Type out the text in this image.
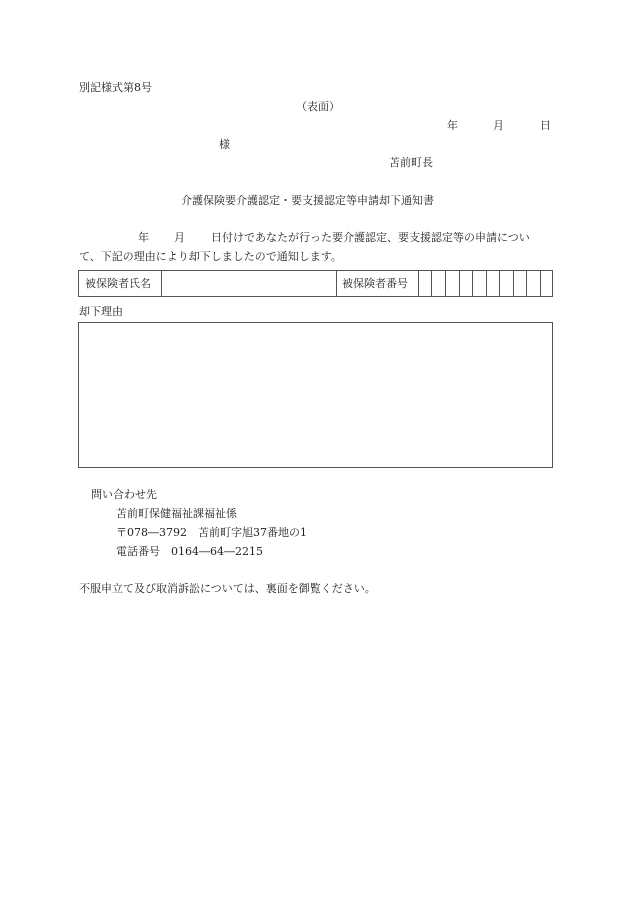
別記様式第8号
（表面）
年	月	日
様
苫前町長
介護保険要介護認定・要支援認定等申請却下通知書
年 月 日付けであなたが行った要介護認定、要支援認定等の申請につい
て、下記の理由により却下しましたので通知します。
被保険者氏名	被保険者番号
却下理由
問い合わせ先
苫前町保健福祉課福祉係
〒078―3792　苫前町字旭37番地の1
電話番号　0164―64―2215
不服申立て及び取消訴訟については、裏面を御覧ください。
